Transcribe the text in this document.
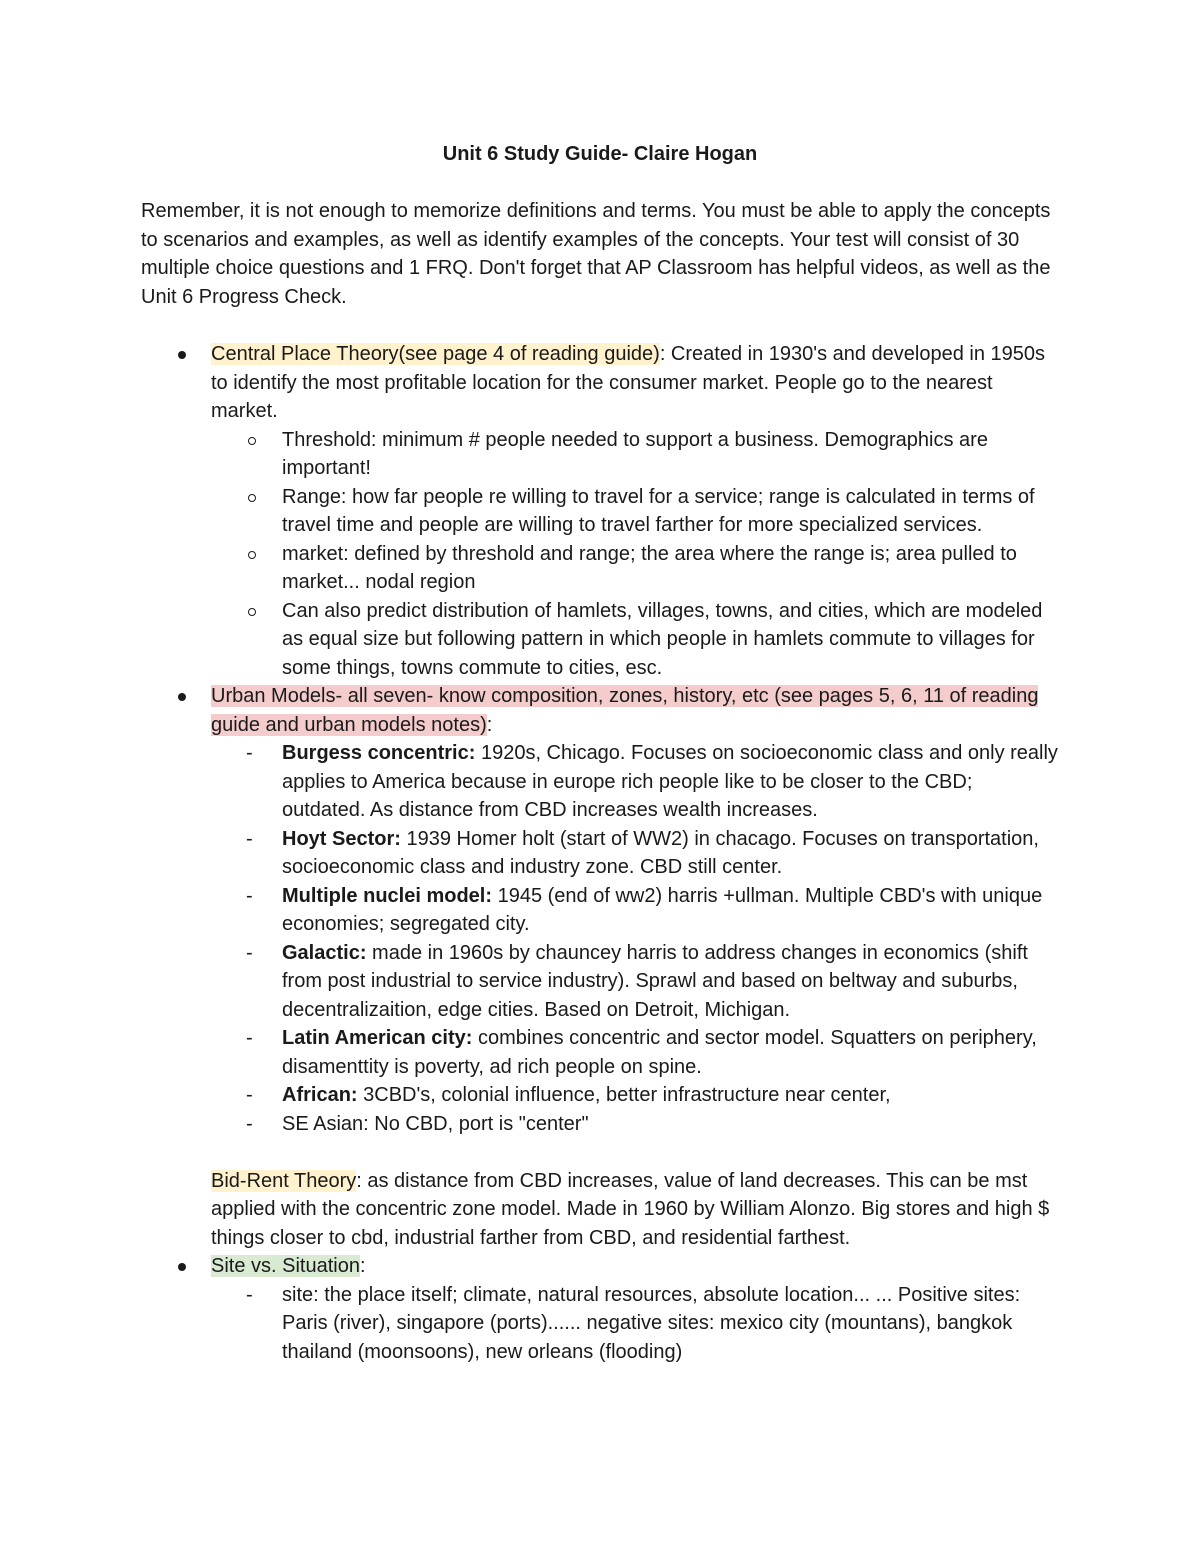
Unit 6 Study Guide- Claire Hogan

Remember, it is not enough to memorize definitions and terms. You must be able to apply the concepts to scenarios and examples, as well as identify examples of the concepts. Your test will consist of 30 multiple choice questions and 1 FRQ. Don't forget that AP Classroom has helpful videos, as well as the Unit 6 Progress Check.

Central Place Theory(see page 4 of reading guide): Created in 1930's and developed in 1950s to identify the most profitable location for the consumer market. People go to the nearest market.
Threshold: minimum # people needed to support a business. Demographics are important!
Range: how far people re willing to travel for a service; range is calculated in terms of travel time and people are willing to travel farther for more specialized services.
market: defined by threshold and range; the area where the range is; area pulled to market... nodal region
Can also predict distribution of hamlets, villages, towns, and cities, which are modeled as equal size but following pattern in which people in hamlets commute to villages for some things, towns commute to cities, esc.
Urban Models- all seven- know composition, zones, history, etc (see pages 5, 6, 11 of reading guide and urban models notes):
- Burgess concentric: 1920s, Chicago. Focuses on socioeconomic class and only really applies to America because in europe rich people like to be closer to the CBD; outdated. As distance from CBD increases wealth increases.
- Hoyt Sector: 1939 Homer holt (start of WW2) in chacago. Focuses on transportation, socioeconomic class and industry zone. CBD still center.
- Multiple nuclei model: 1945 (end of ww2) harris +ullman. Multiple CBD's with unique economies; segregated city.
- Galactic: made in 1960s by chauncey harris to address changes in economics (shift from post industrial to service industry). Sprawl and based on beltway and suburbs, decentralizaition, edge cities. Based on Detroit, Michigan.
- Latin American city: combines concentric and sector model. Squatters on periphery, disamenttity is poverty, ad rich people on spine.
- African: 3CBD's, colonial influence, better infrastructure near center,
- SE Asian: No CBD, port is "center"
Bid-Rent Theory: as distance from CBD increases, value of land decreases. This can be mst applied with the concentric zone model. Made in 1960 by William Alonzo. Big stores and high $ things closer to cbd, industrial farther from CBD, and residential farthest.
Site vs. Situation:
- site: the place itself; climate, natural resources, absolute location... ... Positive sites: Paris (river), singapore (ports)...... negative sites: mexico city (mountans), bangkok thailand (moonsoons), new orleans (flooding)
